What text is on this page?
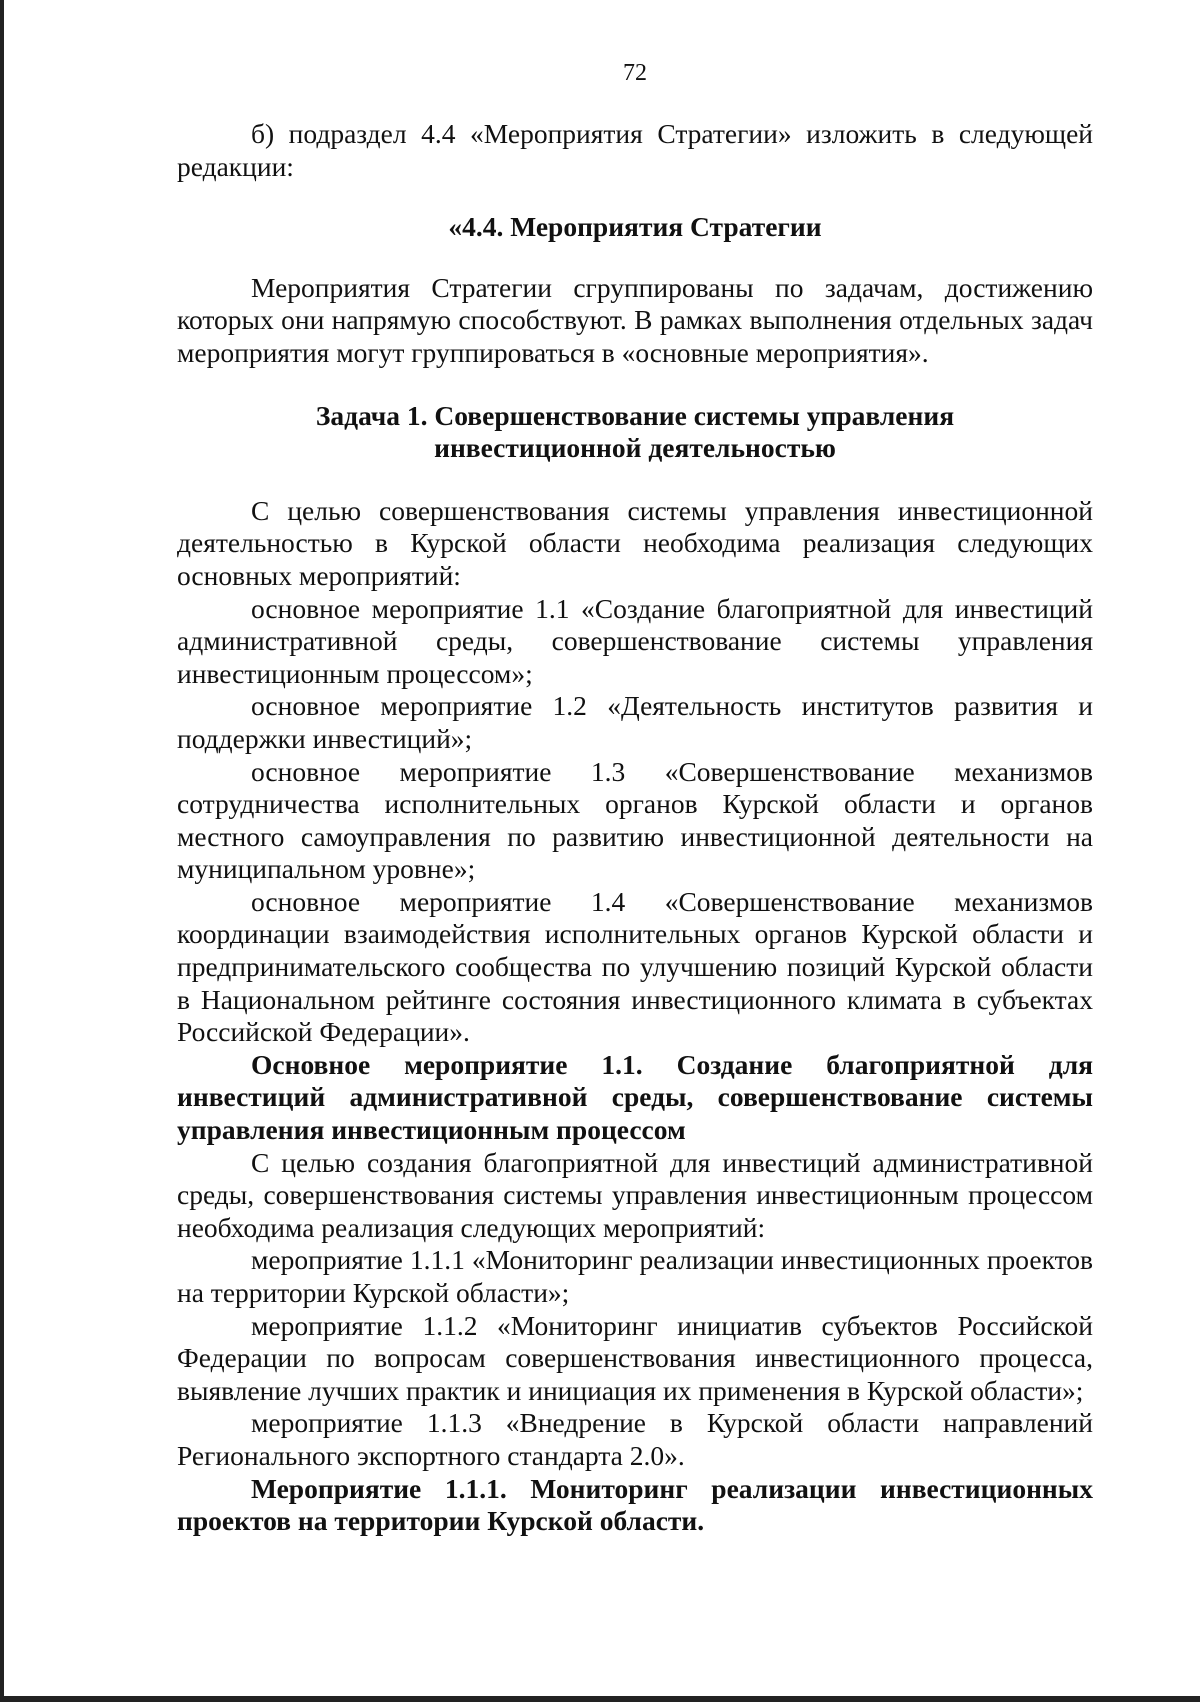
72

б) подраздел 4.4 «Мероприятия Стратегии» изложить в следующей редакции:

«4.4. Мероприятия Стратегии

Мероприятия Стратегии сгруппированы по задачам, достижению которых они напрямую способствуют. В рамках выполнения отдельных задач мероприятия могут группироваться в «основные мероприятия».

Задача 1. Совершенствование системы управления

инвестиционной деятельностью

С целью совершенствования системы управления инвестиционной деятельностью в Курской области необходима реализация следующих основных мероприятий:

основное мероприятие 1.1 «Создание благоприятной для инвестиций административной среды, совершенствование системы управления инвестиционным процессом»;

основное мероприятие 1.2 «Деятельность институтов развития и поддержки инвестиций»;

основное мероприятие 1.3 «Совершенствование механизмов сотрудничества исполнительных органов Курской области и органов местного самоуправления по развитию инвестиционной деятельности на муниципальном уровне»;

основное мероприятие 1.4 «Совершенствование механизмов координации взаимодействия исполнительных органов Курской области и предпринимательского сообщества по улучшению позиций Курской области в Национальном рейтинге состояния инвестиционного климата в субъектах Российской Федерации».

Основное мероприятие 1.1. Создание благоприятной для инвестиций административной среды, совершенствование системы управления инвестиционным процессом

С целью создания благоприятной для инвестиций административной среды, совершенствования системы управления инвестиционным процессом необходима реализация следующих мероприятий:

мероприятие 1.1.1 «Мониторинг реализации инвестиционных проектов на территории Курской области»;

мероприятие 1.1.2 «Мониторинг инициатив субъектов Российской Федерации по вопросам совершенствования инвестиционного процесса, выявление лучших практик и инициация их применения в Курской области»;

мероприятие 1.1.3 «Внедрение в Курской области направлений Регионального экспортного стандарта 2.0».

Мероприятие 1.1.1. Мониторинг реализации инвестиционных проектов на территории Курской области.
